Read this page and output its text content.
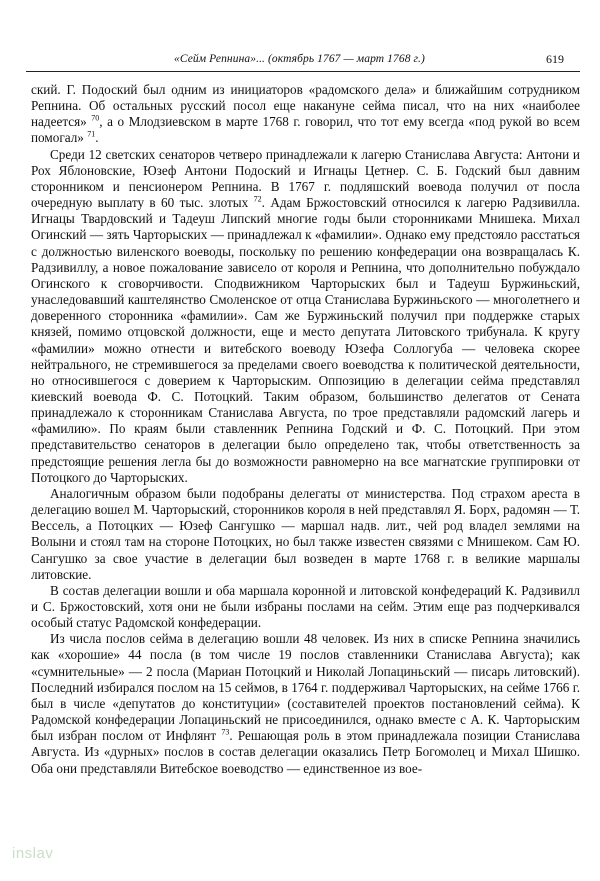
«Сейм Репнина»... (октябрь 1767 — март 1768 г.)	619

ский. Г. Подоский был одним из инициаторов «радомского дела» и ближайшим сотрудником Репнина. Об остальных русский посол еще накануне сейма писал, что на них «наиболее надеется» $^{70}$, а о Млодзиевском в марте 1768 г. говорил, что тот ему всегда «под рукой во всем помогал» $^{71}$.

Среди 12 светских сенаторов четверо принадлежали к лагерю Станислава Августа: Антони и Рох Яблоновские, Юзеф Антони Подоский и Игнацы Цетнер. С. Б. Годский был давним сторонником и пенсионером Репнина. В 1767 г. подляшский воевода получил от посла очередную выплату в 60 тыс. злотых $^{72}$. Адам Бржостовский относился к лагерю Радзивилла. Игнацы Твардовский и Тадеуш Липский многие годы были сторонниками Мнишека. Михал Огинский — зять Чарторыских — принадлежал к «фамилии». Однако ему предстояло расстаться с должностью виленского воеводы, поскольку по решению конфедерации она возвращалась К. Радзивиллу, а новое пожалование зависело от короля и Репнина, что дополнительно побуждало Огинского к сговорчивости. Сподвижником Чарторыских был и Тадеуш Буржиньский, унаследовавший каштелянство Смоленское от отца Станислава Буржиньского — многолетнего и доверенного сторонника «фамилии». Сам же Буржиньский получил при поддержке старых князей, помимо отцовской должности, еще и место депутата Литовского трибунала. К кругу «фамилии» можно отнести и витебского воеводу Юзефа Соллогуба — человека скорее нейтрального, не стремившегося за пределами своего воеводства к политической деятельности, но относившегося с доверием к Чарторыским. Оппозицию в делегации сейма представлял киевский воевода Ф. С. Потоцкий. Таким образом, большинство делегатов от Сената принадлежало к сторонникам Станислава Августа, по трое представляли радомский лагерь и «фамилию». По краям были ставленник Репнина Годский и Ф. С. Потоцкий. При этом представительство сенаторов в делегации было определено так, чтобы ответственность за предстоящие решения легла бы до возможности равномерно на все магнатские группировки от Потоцкого до Чарторыских.

Аналогичным образом были подобраны делегаты от министерства. Под страхом ареста в делегацию вошел М. Чарторыский, сторонников короля в ней представлял Я. Борх, радомян — Т. Вессель, а Потоцких — Юзеф Сангушко — маршал надв. лит., чей род владел землями на Волыни и стоял там на стороне Потоцких, но был также известен связями с Мнишеком. Сам Ю. Сангушко за свое участие в делегации был возведен в марте 1768 г. в великие маршалы литовские.

В состав делегации вошли и оба маршала коронной и литовской конфедераций К. Радзивилл и С. Бржостовский, хотя они не были избраны послами на сейм. Этим еще раз подчеркивался особый статус Радомской конфедерации.

Из числа послов сейма в делегацию вошли 48 человек. Из них в списке Репнина значились как «хорошие» 44 посла (в том числе 19 послов ставленники Станислава Августа); как «сумнительные» — 2 посла (Мариан Потоцкий и Николай Лопациньский — писарь литовский). Последний избирался послом на 15 сеймов, в 1764 г. поддерживал Чарторыских, на сейме 1766 г. был в числе «депутатов до конституции» (составителей проектов постановлений сейма). К Радомской конфедерации Лопациньский не присоединился, однако вместе с А. К. Чарторыским был избран послом от Инфлянт $^{73}$. Решающая роль в этом принадлежала позиции Станислава Августа. Из «дурных» послов в состав делегации оказались Петр Богомолец и Михал Шишко. Оба они представляли Витебское воеводство — единственное из вое-

inslav
